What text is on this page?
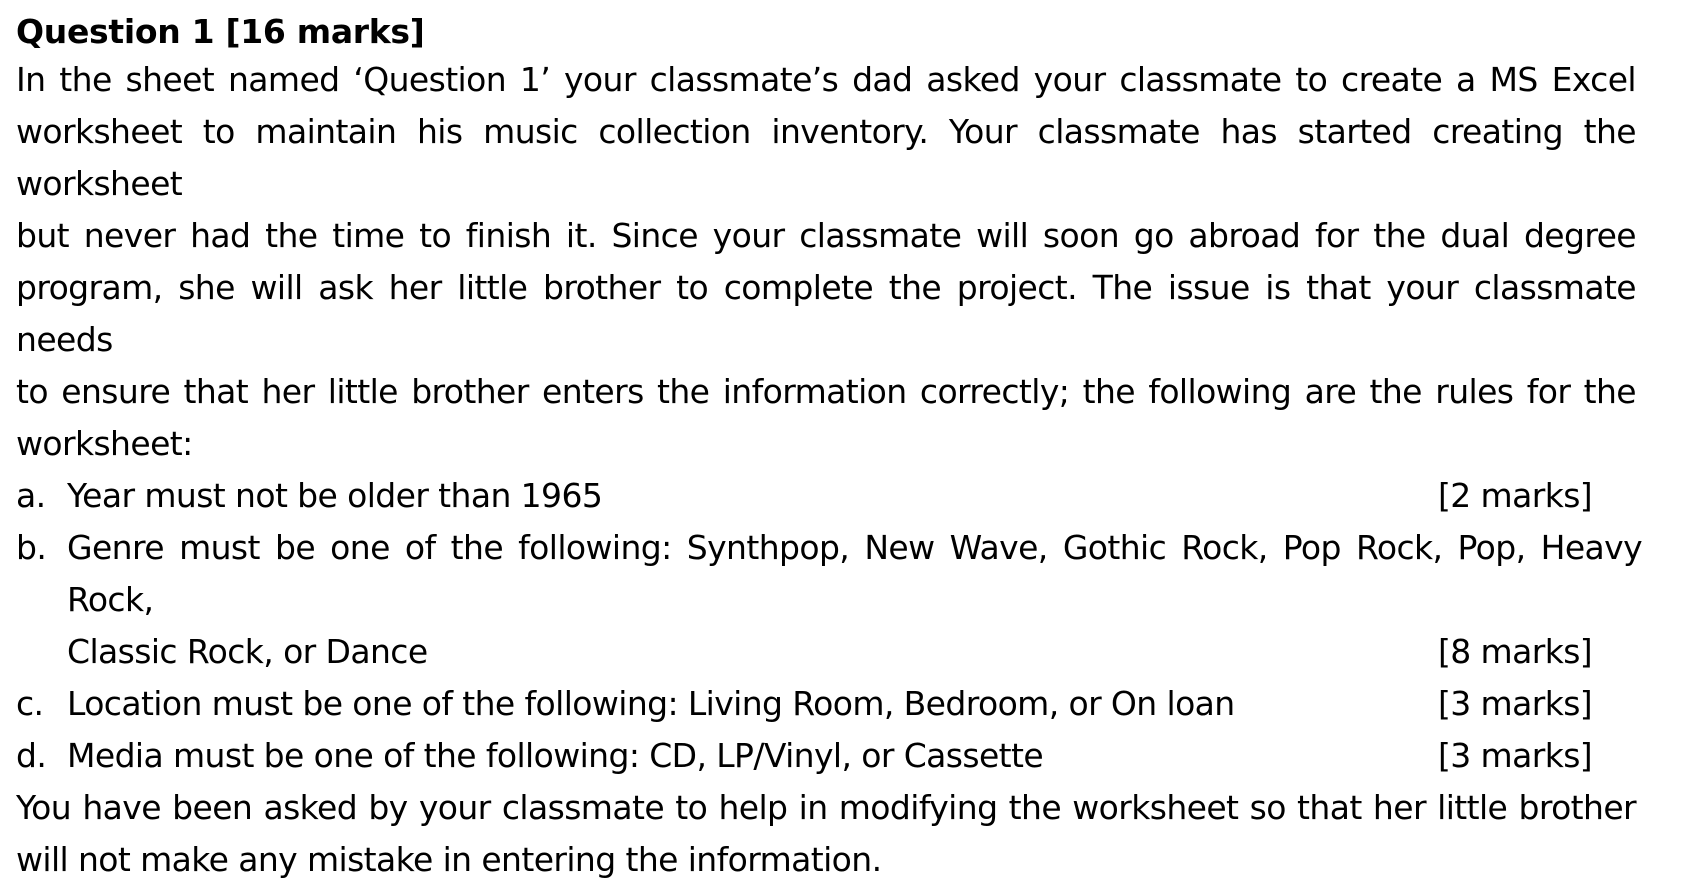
Question 1 [16 marks]
In the sheet named ‘Question 1’ your classmate’s dad asked your classmate to create a MS Excel
worksheet to maintain his music collection inventory. Your classmate has started creating the worksheet
but never had the time to finish it. Since your classmate will soon go abroad for the dual degree
program, she will ask her little brother to complete the project. The issue is that your classmate needs
to ensure that her little brother enters the information correctly; the following are the rules for the
worksheet:
a. Year must not be older than 1965	[2 marks]
b. Genre must be one of the following: Synthpop, New Wave, Gothic Rock, Pop Rock, Pop, Heavy Rock,
Classic Rock, or Dance	[8 marks]
c. Location must be one of the following: Living Room, Bedroom, or On loan	[3 marks]
d. Media must be one of the following: CD, LP/Vinyl, or Cassette	[3 marks]
You have been asked by your classmate to help in modifying the worksheet so that her little brother
will not make any mistake in entering the information.
